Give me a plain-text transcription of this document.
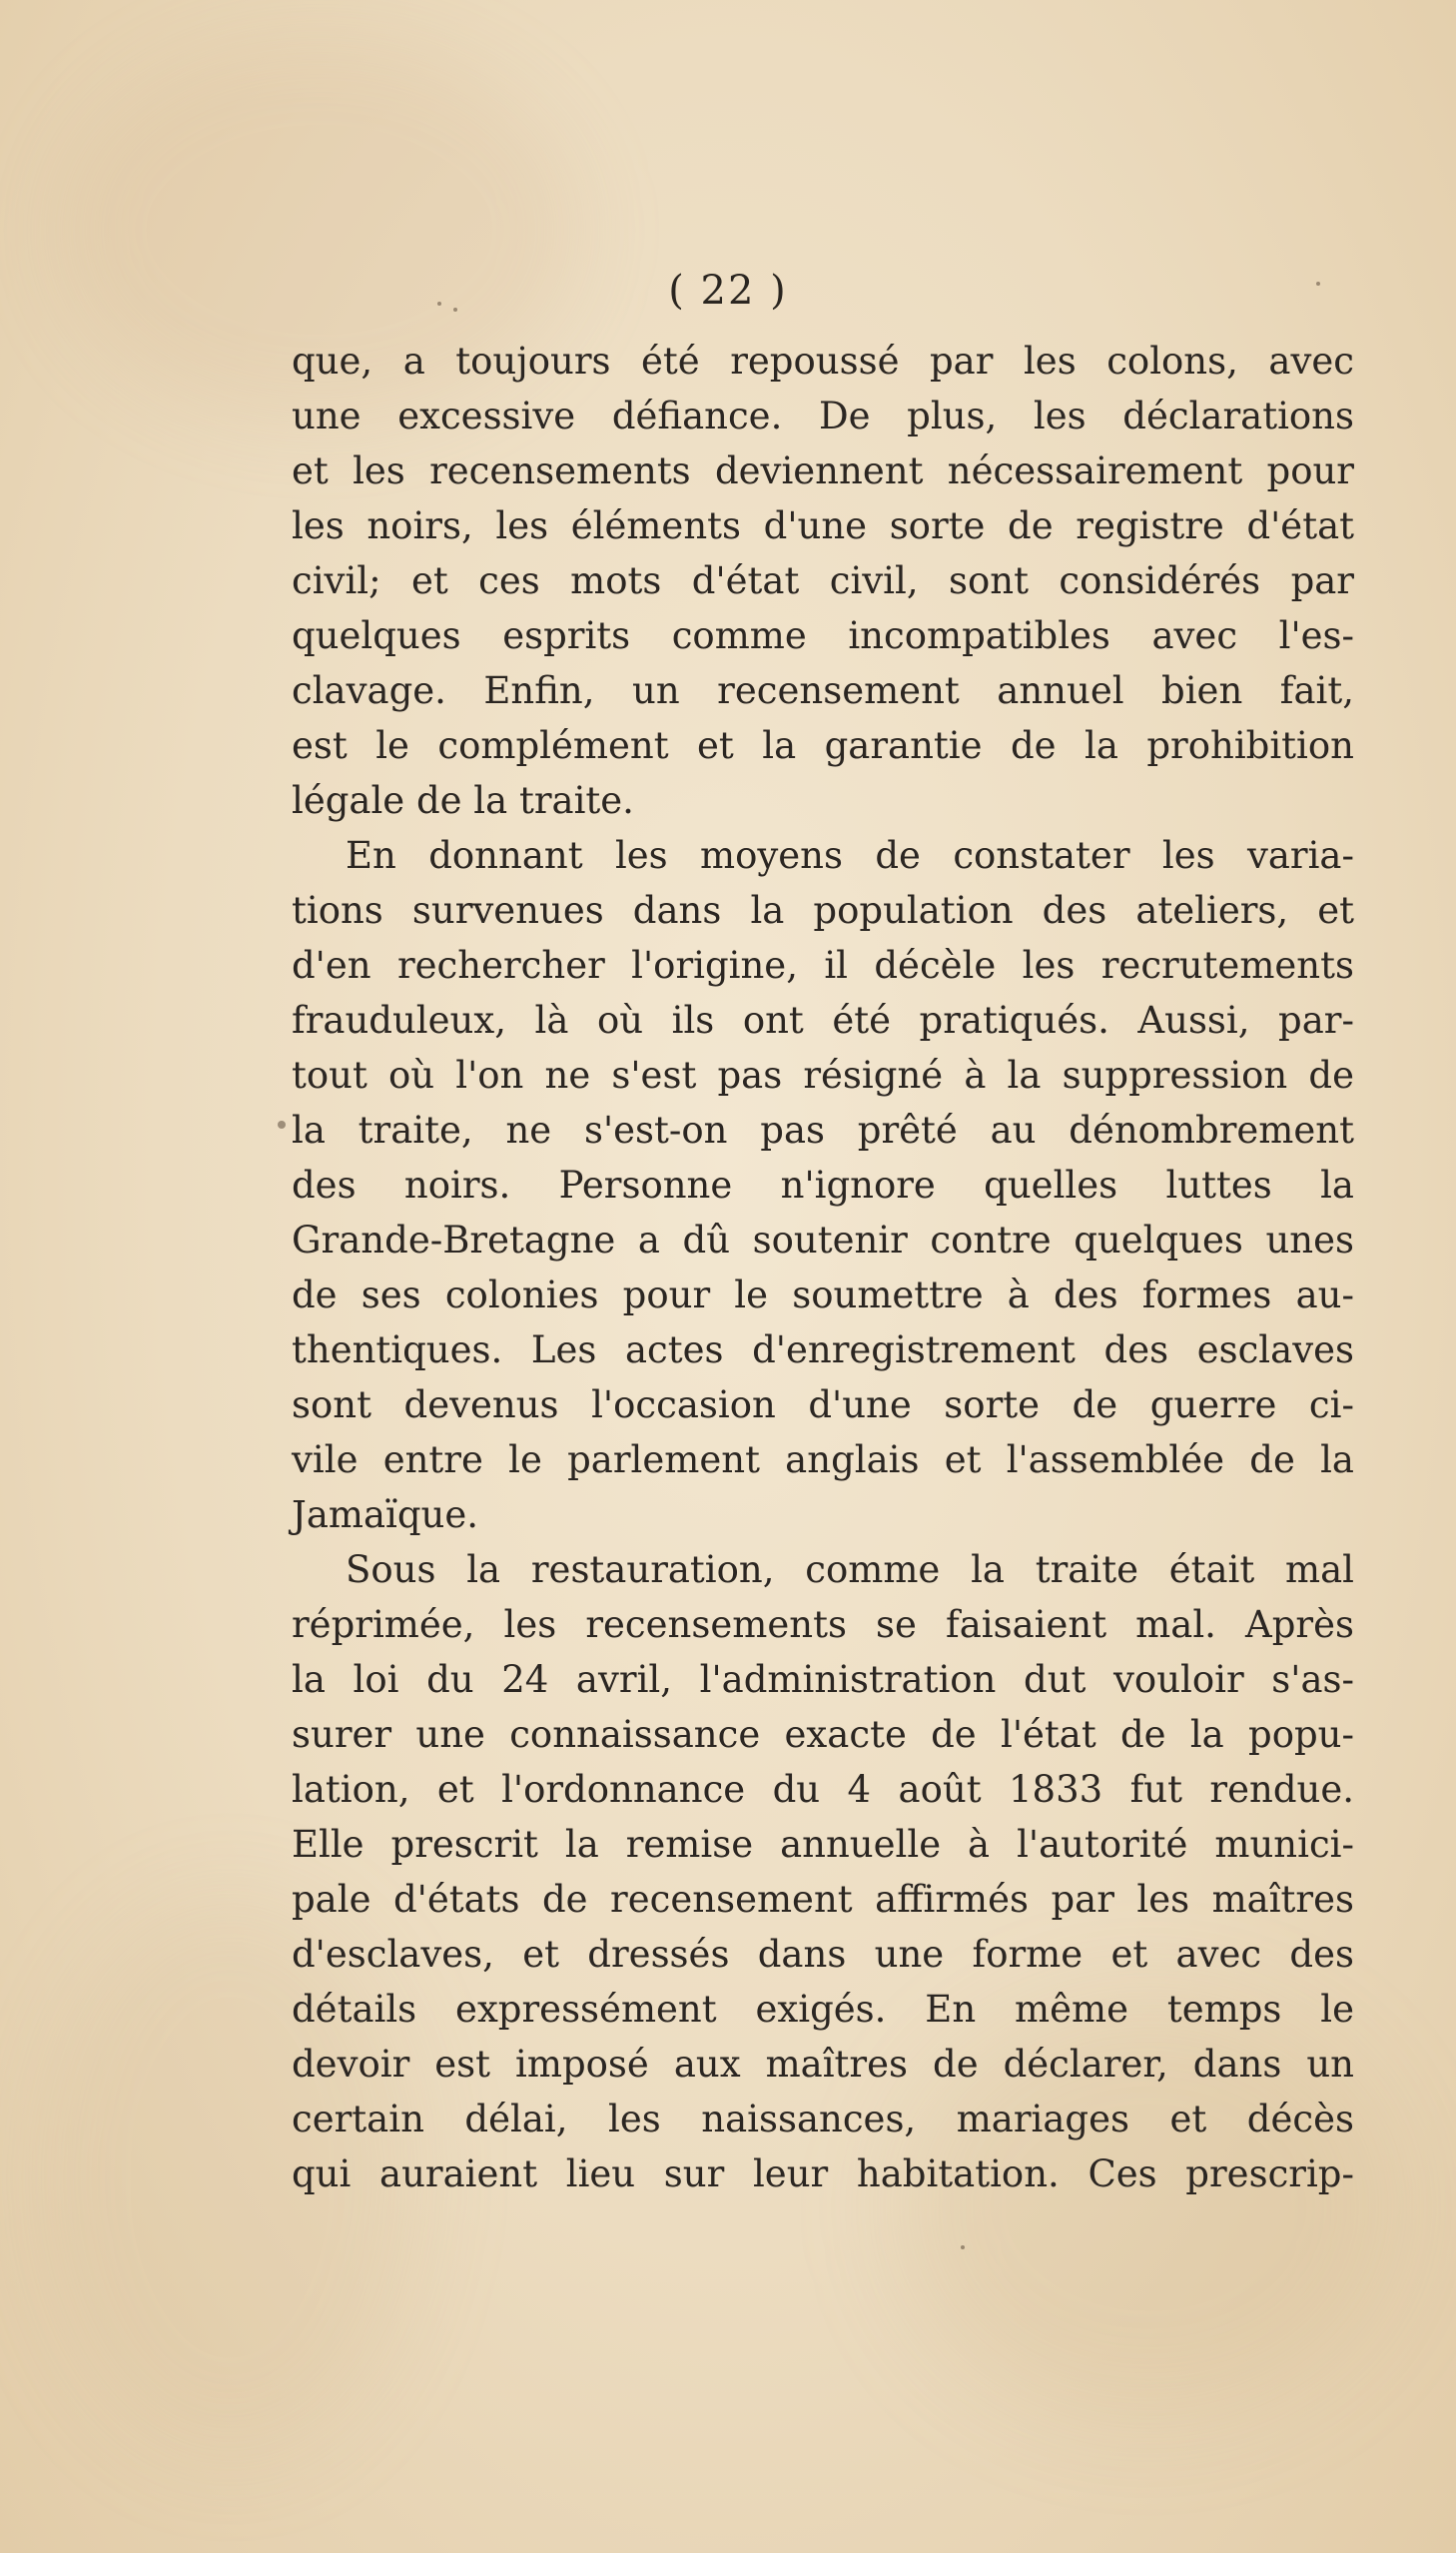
( 22 )
que, a toujours été repoussé par les colons, avec
une excessive défiance. De plus, les déclarations
et les recensements deviennent nécessairement pour
les noirs, les éléments d'une sorte de registre d'état
civil; et ces mots d'état civil, sont considérés par
quelques esprits comme incompatibles avec l'es-
clavage. Enfin, un recensement annuel bien fait,
est le complément et la garantie de la prohibition
légale de la traite.
En donnant les moyens de constater les varia-
tions survenues dans la population des ateliers, et
d'en rechercher l'origine, il décèle les recrutements
frauduleux, là où ils ont été pratiqués. Aussi, par-
tout où l'on ne s'est pas résigné à la suppression de
la traite, ne s'est-on pas prêté au dénombrement
des noirs. Personne n'ignore quelles luttes la
Grande-Bretagne a dû soutenir contre quelques unes
de ses colonies pour le soumettre à des formes au-
thentiques. Les actes d'enregistrement des esclaves
sont devenus l'occasion d'une sorte de guerre ci-
vile entre le parlement anglais et l'assemblée de la
Jamaïque.
Sous la restauration, comme la traite était mal
réprimée, les recensements se faisaient mal. Après
la loi du 24 avril, l'administration dut vouloir s'as-
surer une connaissance exacte de l'état de la popu-
lation, et l'ordonnance du 4 août 1833 fut rendue.
Elle prescrit la remise annuelle à l'autorité munici-
pale d'états de recensement affirmés par les maîtres
d'esclaves, et dressés dans une forme et avec des
détails expressément exigés. En même temps le
devoir est imposé aux maîtres de déclarer, dans un
certain délai, les naissances, mariages et décès
qui auraient lieu sur leur habitation. Ces prescrip-
